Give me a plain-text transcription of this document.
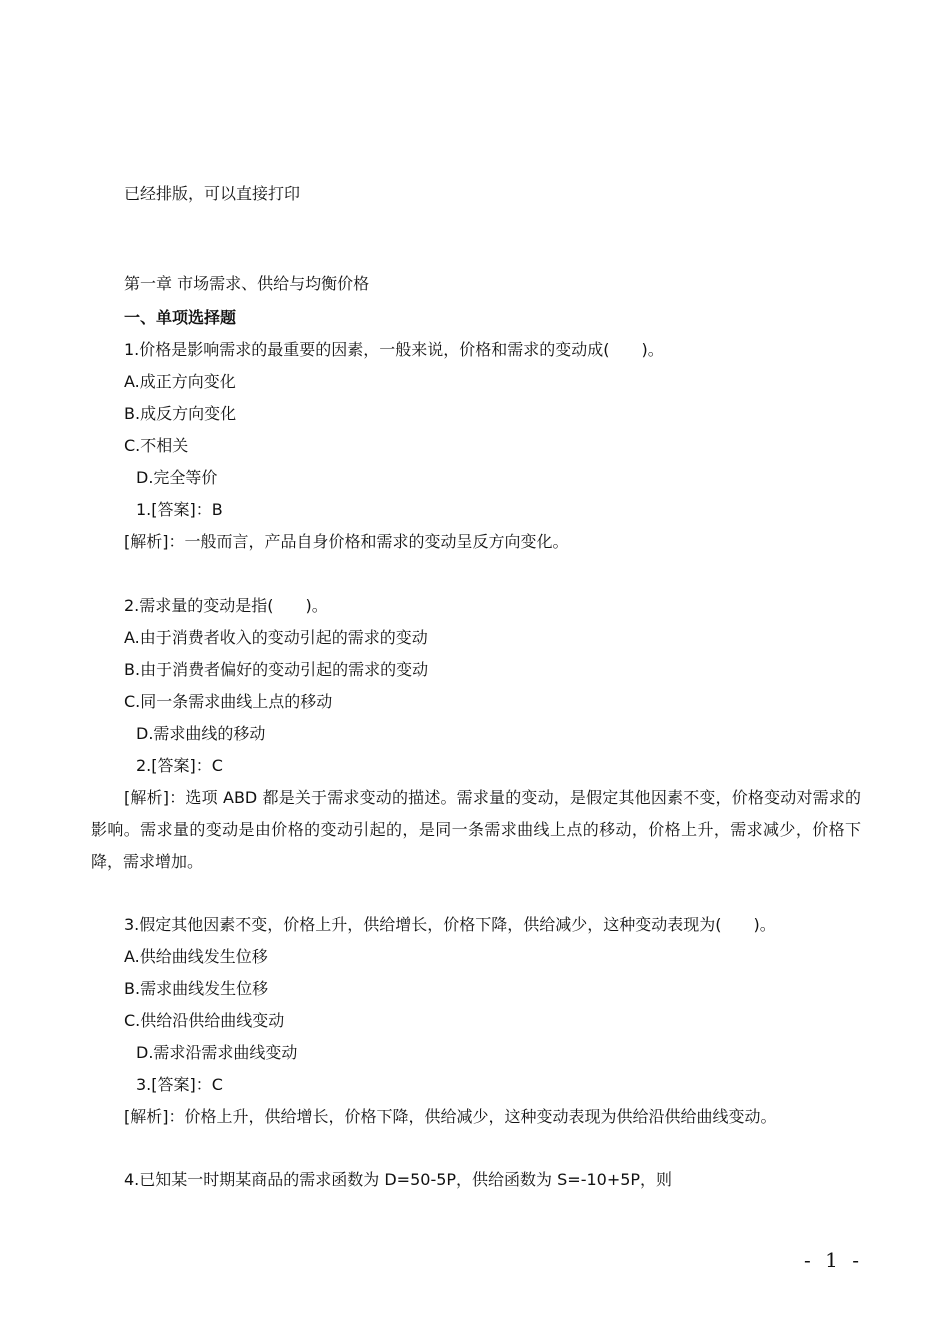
已经排版，可以直接打印
第一章 市场需求、供给与均衡价格
一、单项选择题
1.价格是影响需求的最重要的因素，一般来说，价格和需求的变动成(　　)。
A.成正方向变化
B.成反方向变化
C.不相关
D.完全等价
1.[答案]：B
[解析]：一般而言，产品自身价格和需求的变动呈反方向变化。
2.需求量的变动是指(　　)。
A.由于消费者收入的变动引起的需求的变动
B.由于消费者偏好的变动引起的需求的变动
C.同一条需求曲线上点的移动
D.需求曲线的移动
2.[答案]：C
[解析]：选项 ABD 都是关于需求变动的描述。需求量的变动，是假定其他因素不变，价格变动对需求的影响。需求量的变动是由价格的变动引起的，是同一条需求曲线上点的移动，价格上升，需求减少，价格下降，需求增加。
3.假定其他因素不变，价格上升，供给增长，价格下降，供给减少，这种变动表现为(　　)。
A.供给曲线发生位移
B.需求曲线发生位移
C.供给沿供给曲线变动
D.需求沿需求曲线变动
3.[答案]：C
[解析]：价格上升，供给增长，价格下降，供给减少，这种变动表现为供给沿供给曲线变动。
4.已知某一时期某商品的需求函数为 D=50-5P，供给函数为 S=-10+5P，则
- 1 -
